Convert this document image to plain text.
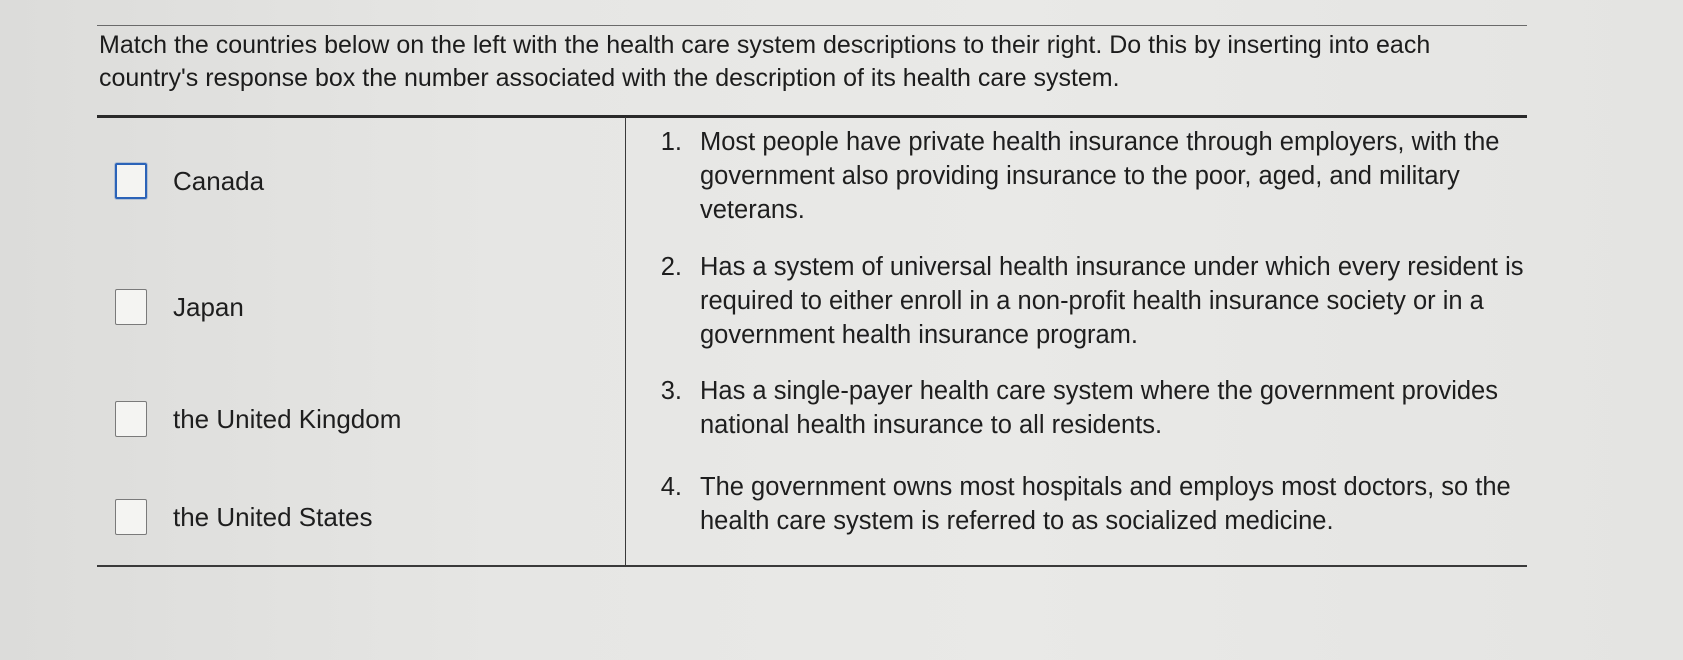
Match the countries below on the left with the health care system descriptions to their right. Do this by inserting into each country's response box the number associated with the description of its health care system.
Canada
Japan
the United Kingdom
the United States
1. Most people have private health insurance through employers, with the government also providing insurance to the poor, aged, and military veterans.
2. Has a system of universal health insurance under which every resident is required to either enroll in a non-profit health insurance society or in a government health insurance program.
3. Has a single-payer health care system where the government provides national health insurance to all residents.
4. The government owns most hospitals and employs most doctors, so the health care system is referred to as socialized medicine.
